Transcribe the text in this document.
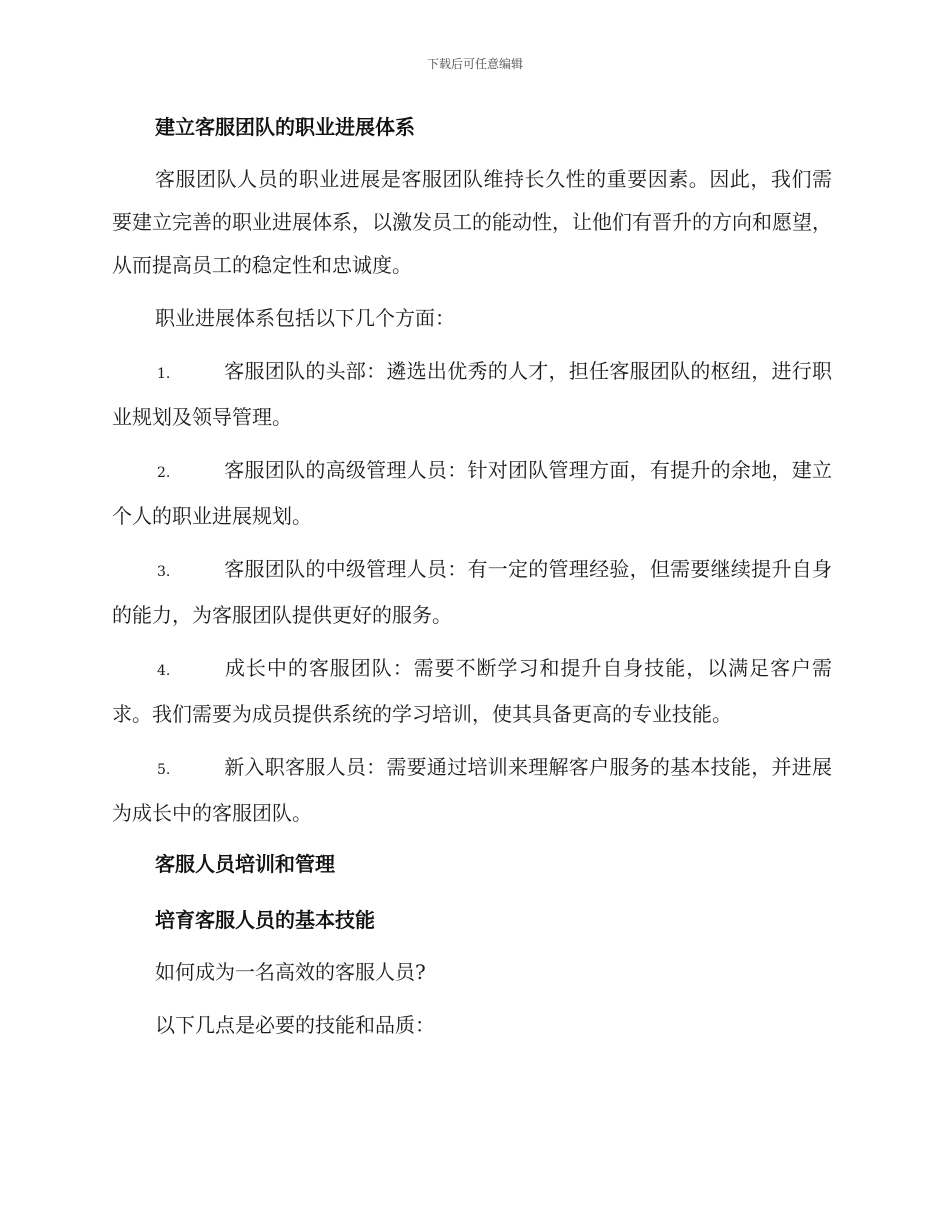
下载后可任意编辑
建立客服团队的职业进展体系

客服团队人员的职业进展是客服团队维持长久性的重要因素。因此，我们需要建立完善的职业进展体系，以激发员工的能动性，让他们有晋升的方向和愿望，从而提高员工的稳定性和忠诚度。

职业进展体系包括以下几个方面：

1.	客服团队的头部：遴选出优秀的人才，担任客服团队的枢纽，进行职业规划及领导管理。

2.	客服团队的高级管理人员：针对团队管理方面，有提升的余地，建立个人的职业进展规划。

3.	客服团队的中级管理人员：有一定的管理经验，但需要继续提升自身的能力，为客服团队提供更好的服务。

4.	成长中的客服团队：需要不断学习和提升自身技能，以满足客户需求。我们需要为成员提供系统的学习培训，使其具备更高的专业技能。

5.	新入职客服人员：需要通过培训来理解客户服务的基本技能，并进展为成长中的客服团队。

客服人员培训和管理
培育客服人员的基本技能

如何成为一名高效的客服人员?

以下几点是必要的技能和品质：
